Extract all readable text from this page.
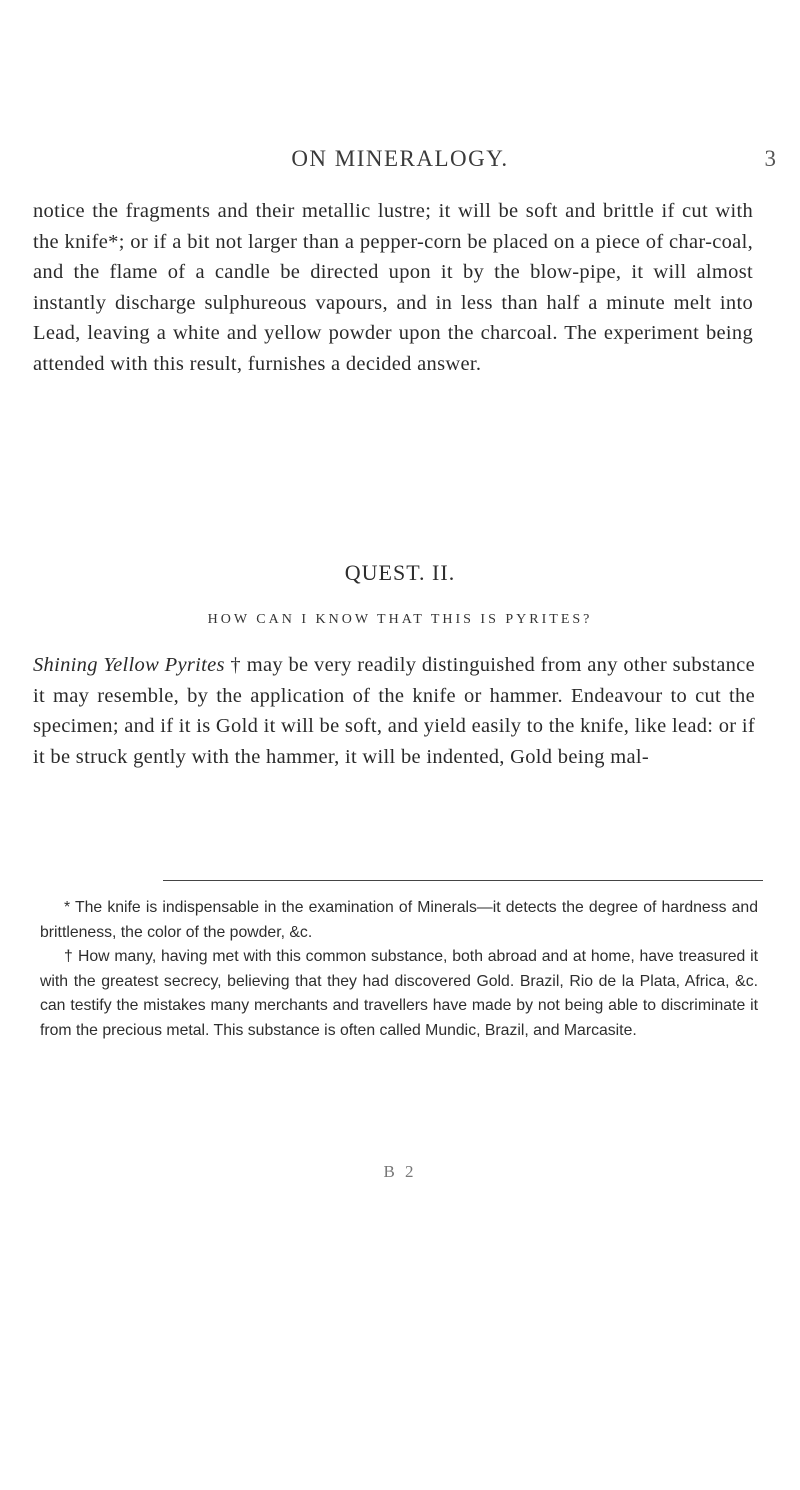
ON MINERALOGY.	3
notice the fragments and their metallic lustre; it will be soft and brittle if cut with the knife*; or if a bit not larger than a pepper-corn be placed on a piece of char-coal, and the flame of a candle be directed upon it by the blow-pipe, it will almost instantly discharge sulphureous vapours, and in less than half a minute melt into Lead, leaving a white and yellow powder upon the charcoal. The experiment being attended with this result, furnishes a decided answer.
QUEST. II.
HOW CAN I KNOW THAT THIS IS PYRITES?
Shining Yellow Pyrites † may be very readily distinguished from any other substance it may resemble, by the application of the knife or hammer. Endeavour to cut the specimen; and if it is Gold it will be soft, and yield easily to the knife, like lead: or if it be struck gently with the hammer, it will be indented, Gold being mal-

* The knife is indispensable in the examination of Minerals—it detects the degree of hardness and brittleness, the color of the powder, &c.

† How many, having met with this common substance, both abroad and at home, have treasured it with the greatest secrecy, believing that they had discovered Gold. Brazil, Rio de la Plata, Africa, &c. can testify the mistakes many merchants and travellers have made by not being able to discriminate it from the precious metal. This substance is often called Mundic, Brazil, and Marcasite.

B 2
